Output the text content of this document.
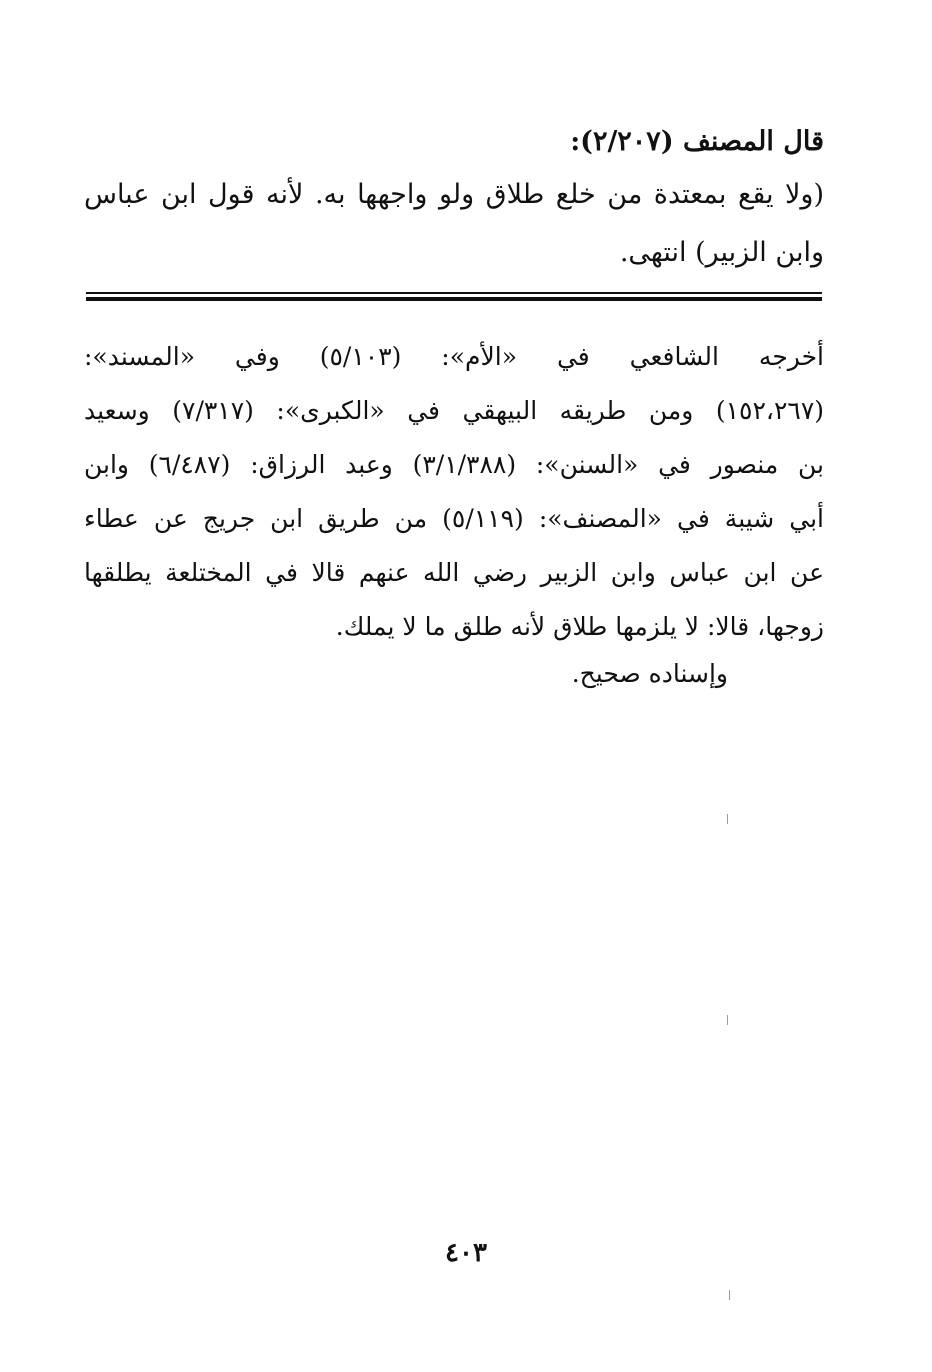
قال المصنف (٢/٢٠٧):
(ولا يقع بمعتدة من خلع طلاق ولو واجهها به. لأنه قول ابن عباس وابن الزبير) انتهى.
أخرجه الشافعي في «الأم»: (٥/١٠٣) وفي «المسند»:
(١٥٢،٢٦٧) ومن طريقه البيهقي في «الكبرى»: (٧/٣١٧) وسعيد
بن منصور في «السنن»: (٣/١/٣٨٨) وعبد الرزاق: (٦/٤٨٧) وابن
أبي شيبة في «المصنف»: (٥/١١٩) من طريق ابن جريج عن عطاء
عن ابن عباس وابن الزبير رضي الله عنهم قالا في المختلعة يطلقها
زوجها، قالا: لا يلزمها طلاق لأنه طلق ما لا يملك.
وإسناده صحيح.
٤٠٣
